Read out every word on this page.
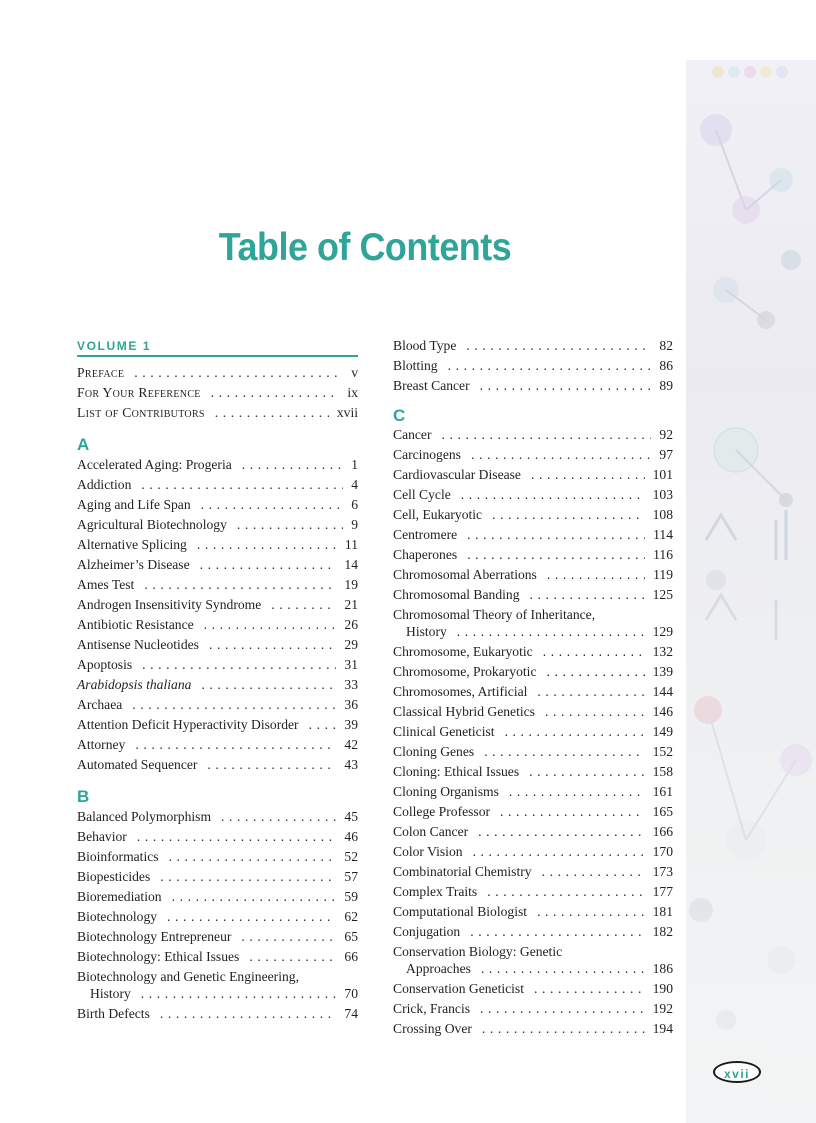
Table of Contents
VOLUME 1
Preface . . .	v
For Your Reference . . .	ix
List of Contributors . . .	xvii
A
Accelerated Aging: Progeria . . .	1
Addiction . . .	4
Aging and Life Span . . .	6
Agricultural Biotechnology . . .	9
Alternative Splicing . . .	11
Alzheimer’s Disease . . .	14
Ames Test . . .	19
Androgen Insensitivity Syndrome . . .	21
Antibiotic Resistance . . .	26
Antisense Nucleotides . . .	29
Apoptosis . . .	31
Arabidopsis thaliana . . .	33
Archaea . . .	36
Attention Deficit Hyperactivity Disorder . . .	39
Attorney . . .	42
Automated Sequencer . . .	43
B
Balanced Polymorphism . . .	45
Behavior . . .	46
Bioinformatics . . .	52
Biopesticides . . .	57
Bioremediation . . .	59
Biotechnology . . .	62
Biotechnology Entrepreneur . . .	65
Biotechnology: Ethical Issues . . .	66
Biotechnology and Genetic Engineering,
History . . .	70
Birth Defects . . .	74
Blood Type . . .	82
Blotting . . .	86
Breast Cancer . . .	89
C
Cancer . . .	92
Carcinogens . . .	97
Cardiovascular Disease . . .	101
Cell Cycle . . .	103
Cell, Eukaryotic . . .	108
Centromere . . .	114
Chaperones . . .	116
Chromosomal Aberrations . . .	119
Chromosomal Banding . . .	125
Chromosomal Theory of Inheritance,
History . . .	129
Chromosome, Eukaryotic . . .	132
Chromosome, Prokaryotic . . .	139
Chromosomes, Artificial . . .	144
Classical Hybrid Genetics . . .	146
Clinical Geneticist . . .	149
Cloning Genes . . .	152
Cloning: Ethical Issues . . .	158
Cloning Organisms . . .	161
College Professor . . .	165
Colon Cancer . . .	166
Color Vision . . .	170
Combinatorial Chemistry . . .	173
Complex Traits . . .	177
Computational Biologist . . .	181
Conjugation . . .	182
Conservation Biology: Genetic
Approaches . . .	186
Conservation Geneticist . . .	190
Crick, Francis . . .	192
Crossing Over . . .	194
xvii
